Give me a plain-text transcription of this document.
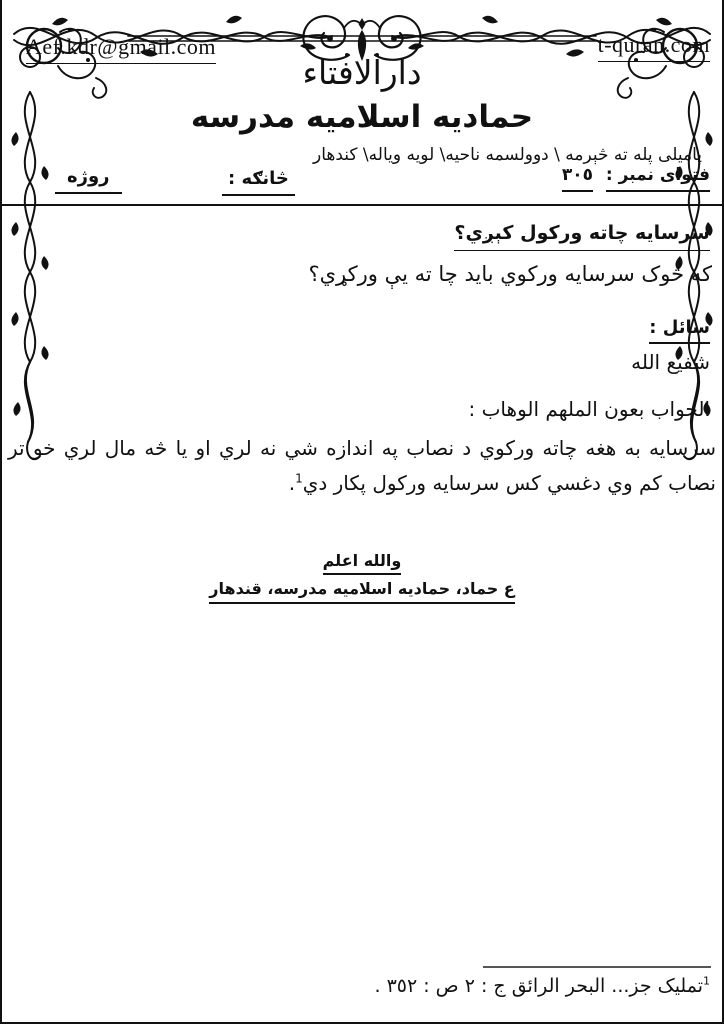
Aef.kdr@gmail.com	t-quran.com
دارالافتاء
حمادیه اسلامیه مدرسه
پامیلی پله ته څېرمه \ دوولسمه ناحیه\ لویه ویاله\ کندهار
فتوای نمبر : ٣٠٥
څانګه :
روژه
سرسایه چاته ورکول کېږي؟
که څوک سرسایه ورکوي باید چا ته یې ورکړي؟
سائل :
شفیع الله
الجواب بعون الملهم الوهاب :
سرسایه به هغه چاته ورکوي د نصاب په اندازه شي نه لري او یا څه مال لري خو تر نصاب کم وي دغسي کس سرسایه ورکول پکار دي$^1$.
والله اعلم
ع حماد، حمادیه اسلامیه مدرسه، قندهار
$^1$تملیک جز... البحر الرائق ج : ٢ ص : ٣٥٢ .
